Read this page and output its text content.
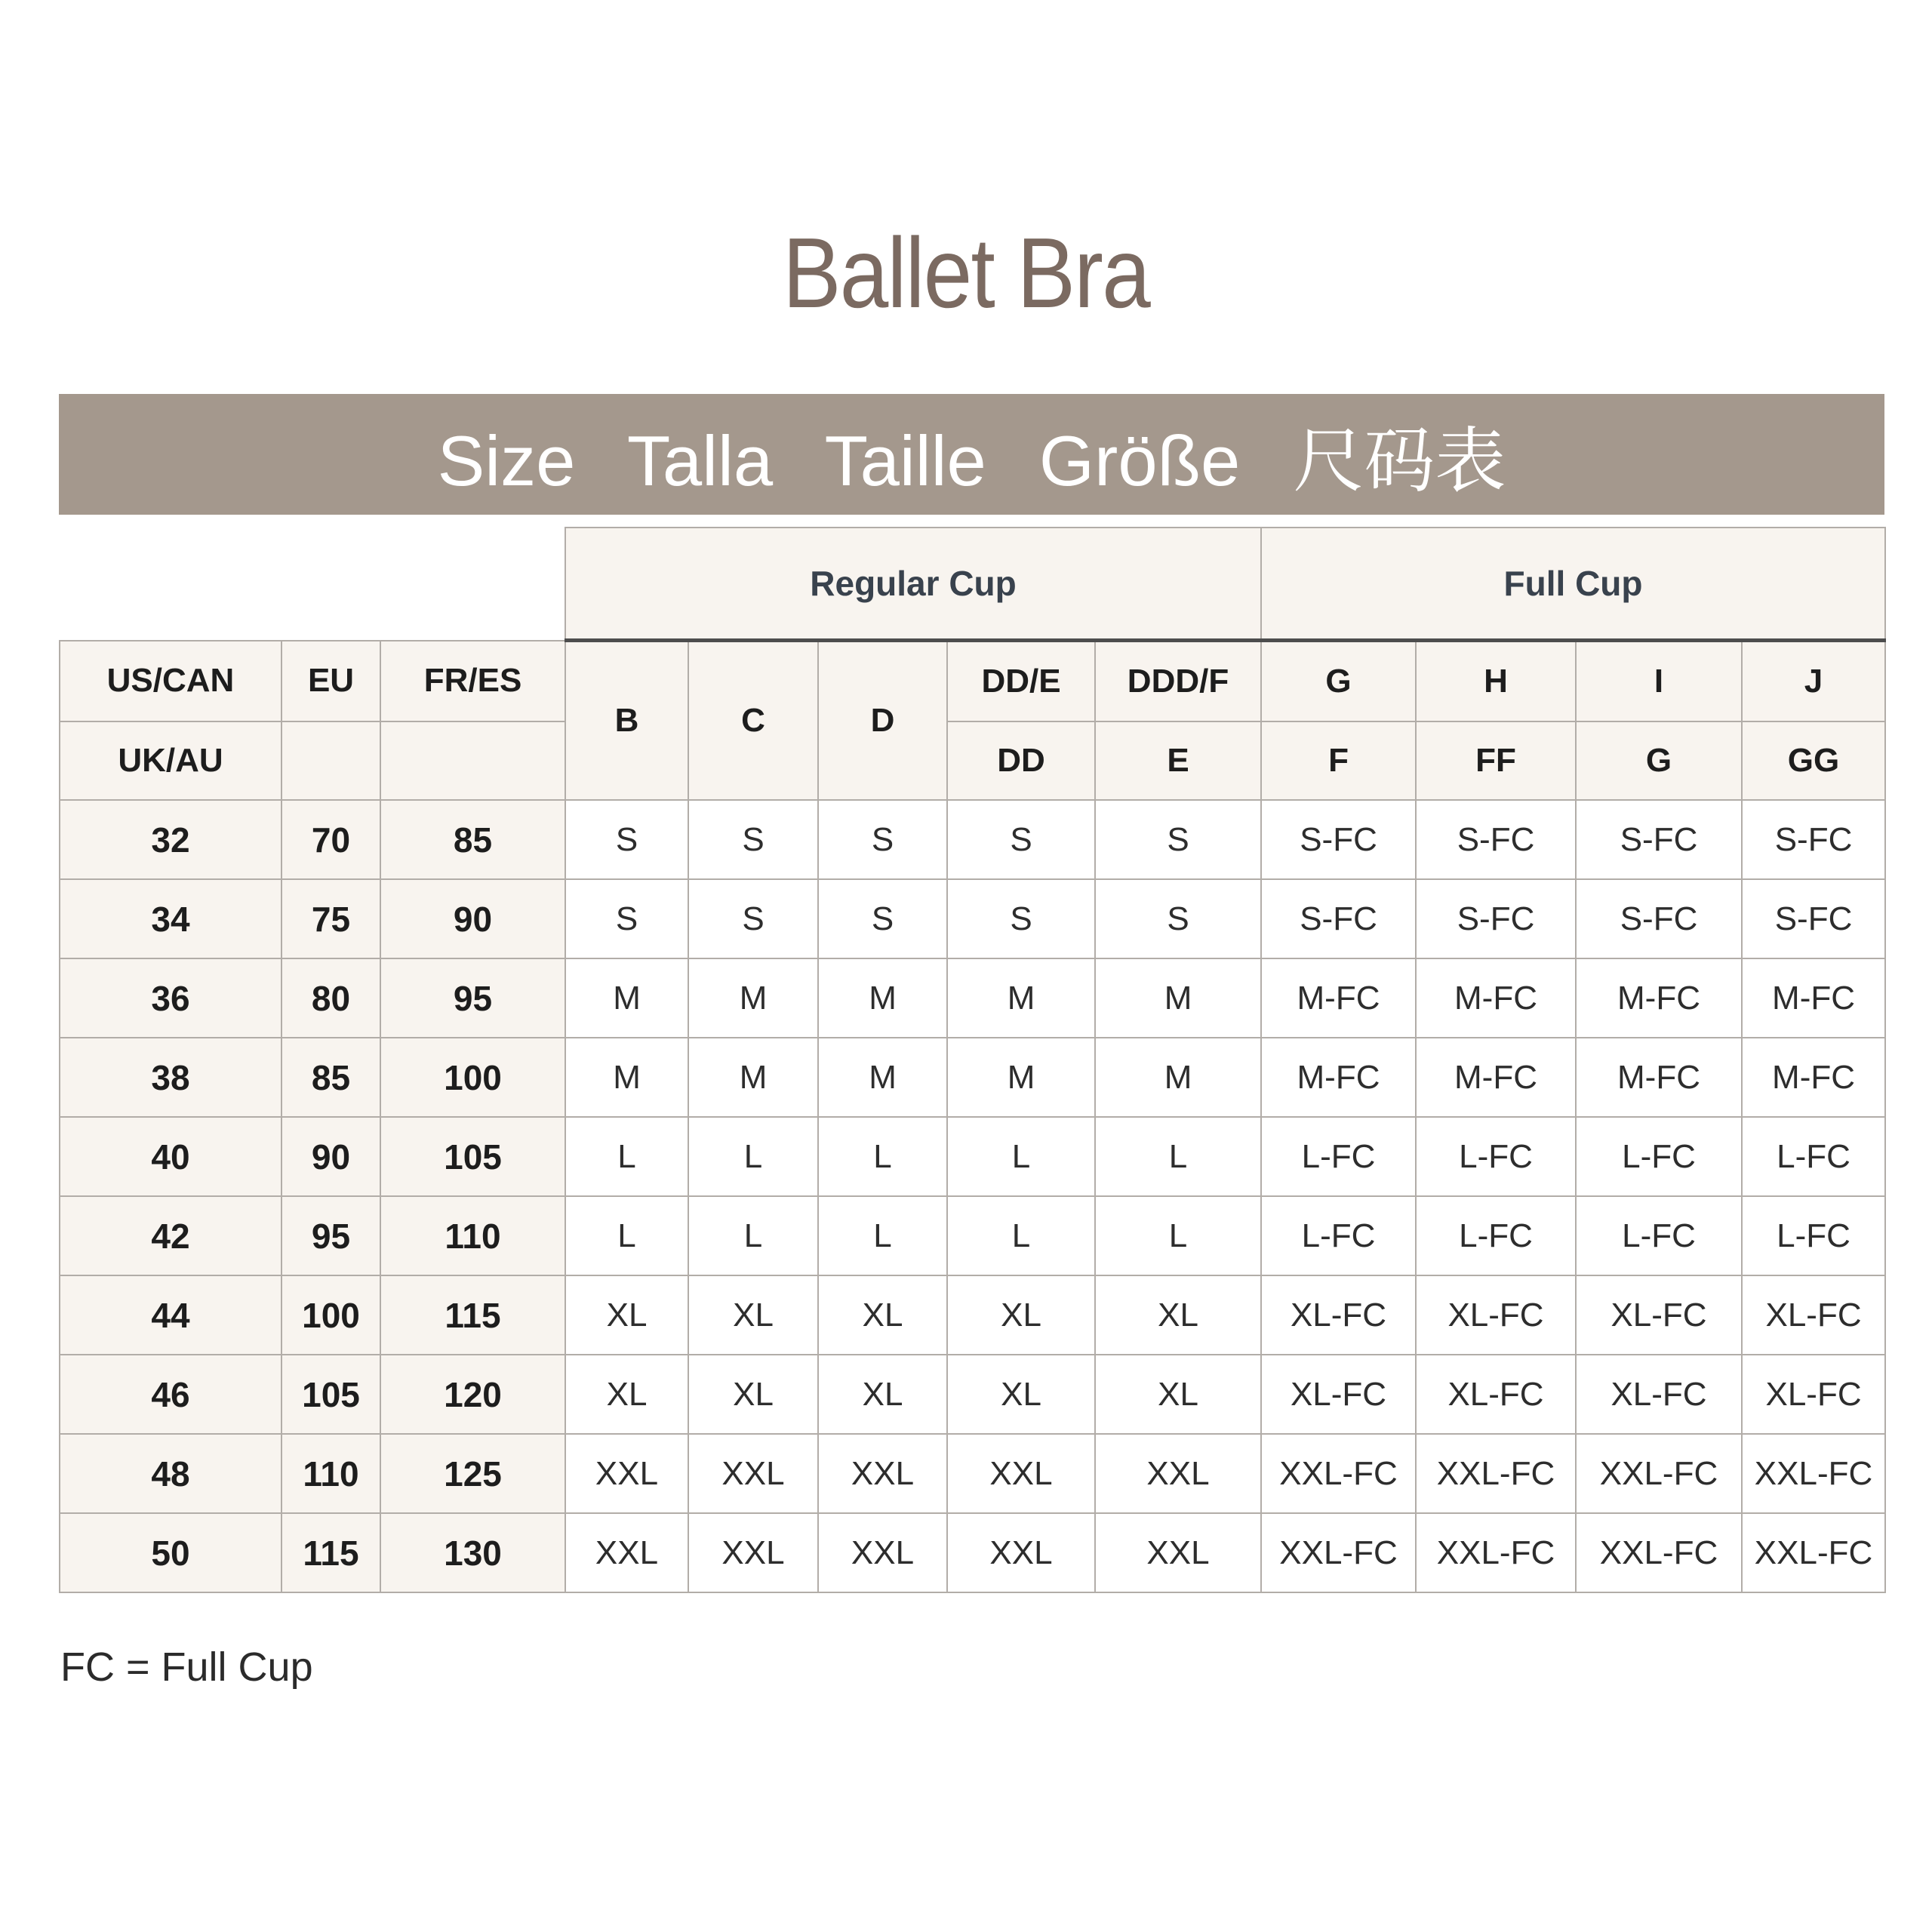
Ballet Bra
Size Talla Taille Größe 尺码表
			Regular Cup					Full Cup			
US/CAN	EU	FR/ES	B	C	D	DD/E	DDD/F	G	H	I	J
UK/AU						DD	E	F	FF	G	GG
32	70	85	S	S	S	S	S	S-FC	S-FC	S-FC	S-FC
34	75	90	S	S	S	S	S	S-FC	S-FC	S-FC	S-FC
36	80	95	M	M	M	M	M	M-FC	M-FC	M-FC	M-FC
38	85	100	M	M	M	M	M	M-FC	M-FC	M-FC	M-FC
40	90	105	L	L	L	L	L	L-FC	L-FC	L-FC	L-FC
42	95	110	L	L	L	L	L	L-FC	L-FC	L-FC	L-FC
44	100	115	XL	XL	XL	XL	XL	XL-FC	XL-FC	XL-FC	XL-FC
46	105	120	XL	XL	XL	XL	XL	XL-FC	XL-FC	XL-FC	XL-FC
48	110	125	XXL	XXL	XXL	XXL	XXL	XXL-FC	XXL-FC	XXL-FC	XXL-FC
50	115	130	XXL	XXL	XXL	XXL	XXL	XXL-FC	XXL-FC	XXL-FC	XXL-FC
FC = Full Cup
